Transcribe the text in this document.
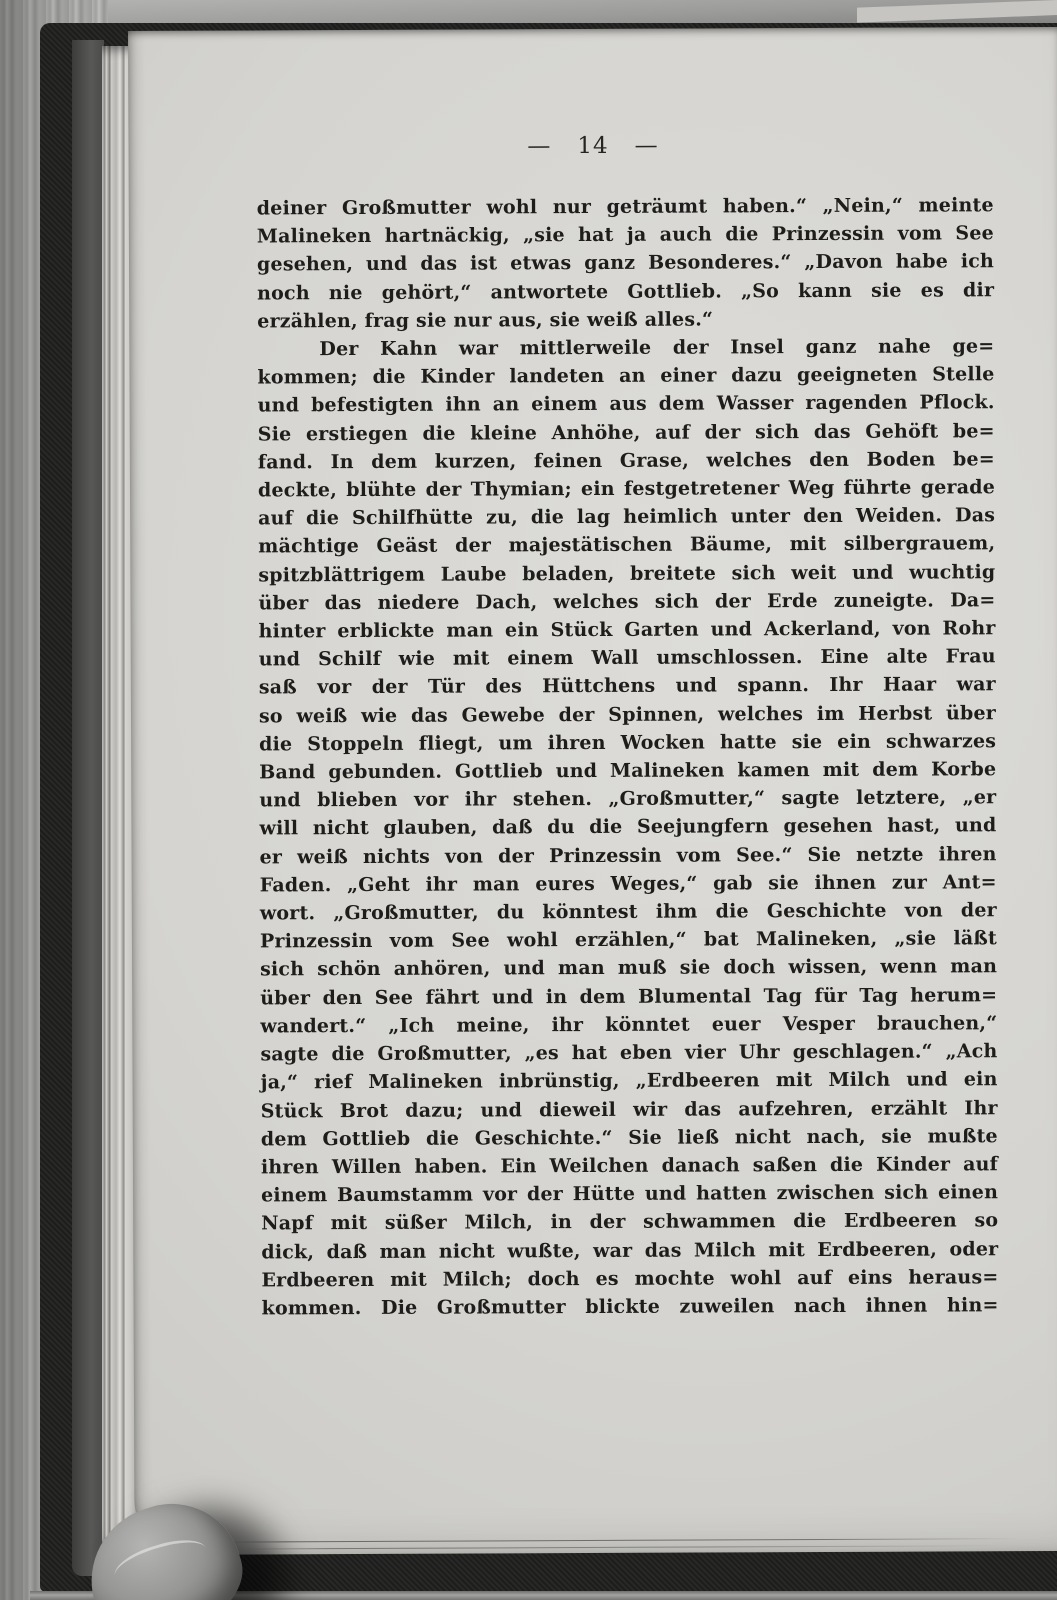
— 14 —
deiner Großmutter wohl nur geträumt haben.“ „Nein,“ meinte
Malineken hartnäckig, „sie hat ja auch die Prinzessin vom See
gesehen, und das ist etwas ganz Besonderes.“ „Davon habe ich
noch nie gehört,“ antwortete Gottlieb. „So kann sie es dir
erzählen, frag sie nur aus, sie weiß alles.“
Der Kahn war mittlerweile der Insel ganz nahe ge=
kommen; die Kinder landeten an einer dazu geeigneten Stelle
und befestigten ihn an einem aus dem Wasser ragenden Pflock.
Sie erstiegen die kleine Anhöhe, auf der sich das Gehöft be=
fand. In dem kurzen, feinen Grase, welches den Boden be=
deckte, blühte der Thymian; ein festgetretener Weg führte gerade
auf die Schilfhütte zu, die lag heimlich unter den Weiden. Das
mächtige Geäst der majestätischen Bäume, mit silbergrauem,
spitzblättrigem Laube beladen, breitete sich weit und wuchtig
über das niedere Dach, welches sich der Erde zuneigte. Da=
hinter erblickte man ein Stück Garten und Ackerland, von Rohr
und Schilf wie mit einem Wall umschlossen. Eine alte Frau
saß vor der Tür des Hüttchens und spann. Ihr Haar war
so weiß wie das Gewebe der Spinnen, welches im Herbst über
die Stoppeln fliegt, um ihren Wocken hatte sie ein schwarzes
Band gebunden. Gottlieb und Malineken kamen mit dem Korbe
und blieben vor ihr stehen. „Großmutter,“ sagte letztere, „er
will nicht glauben, daß du die Seejungfern gesehen hast, und
er weiß nichts von der Prinzessin vom See.“ Sie netzte ihren
Faden. „Geht ihr man eures Weges,“ gab sie ihnen zur Ant=
wort. „Großmutter, du könntest ihm die Geschichte von der
Prinzessin vom See wohl erzählen,“ bat Malineken, „sie läßt
sich schön anhören, und man muß sie doch wissen, wenn man
über den See fährt und in dem Blumental Tag für Tag herum=
wandert.“ „Ich meine, ihr könntet euer Vesper brauchen,“
sagte die Großmutter, „es hat eben vier Uhr geschlagen.“ „Ach
ja,“ rief Malineken inbrünstig, „Erdbeeren mit Milch und ein
Stück Brot dazu; und dieweil wir das aufzehren, erzählt Ihr
dem Gottlieb die Geschichte.“ Sie ließ nicht nach, sie mußte
ihren Willen haben. Ein Weilchen danach saßen die Kinder auf
einem Baumstamm vor der Hütte und hatten zwischen sich einen
Napf mit süßer Milch, in der schwammen die Erdbeeren so
dick, daß man nicht wußte, war das Milch mit Erdbeeren, oder
Erdbeeren mit Milch; doch es mochte wohl auf eins heraus=
kommen. Die Großmutter blickte zuweilen nach ihnen hin=
